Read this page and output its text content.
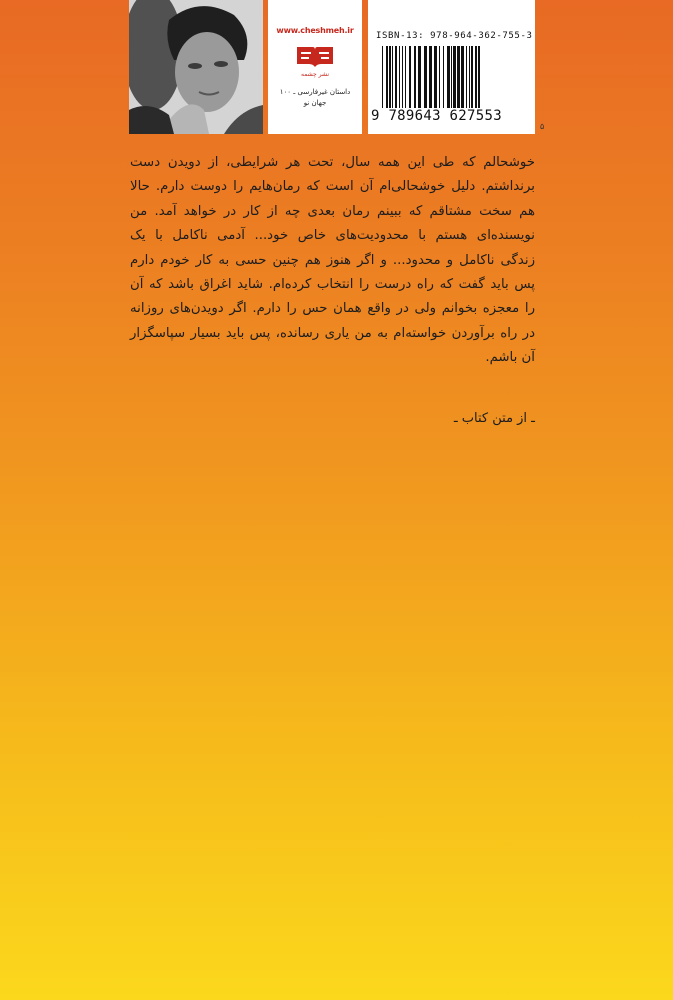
www.cheshmeh.ir
نشر چشمه
داستان غیرفارسی ـ ۱۰۰
جهان نو
ISBN-13: 978-964-362-755-3
9 789643 627553
۵
خوشحالم که طی این همه سال، تحت هر شرایطی، از دویدن دست
برنداشتم. دلیل خوشحالی‌ام آن است که رمان‌هایم را دوست دارم. حالا
هم سخت مشتاقم که ببینم رمان بعدی چه از کار در خواهد آمد. من
نویسنده‌ای هستم با محدودیت‌های خاص خود... آدمی ناکامل با یک
زندگی ناکامل و محدود... و اگر هنوز هم چنین حسی به کار خودم دارم
پس باید گفت که راه درست را انتخاب کرده‌ام. شاید اغراق باشد که آن
را معجزه بخوانم ولی در واقع همان حس را دارم. اگر دویدن‌های روزانه
در راه برآوردن خواسته‌ام به من یاری رسانده، پس باید بسیار سپاسگزار
آن باشم.
ـ از متن کتاب ـ
